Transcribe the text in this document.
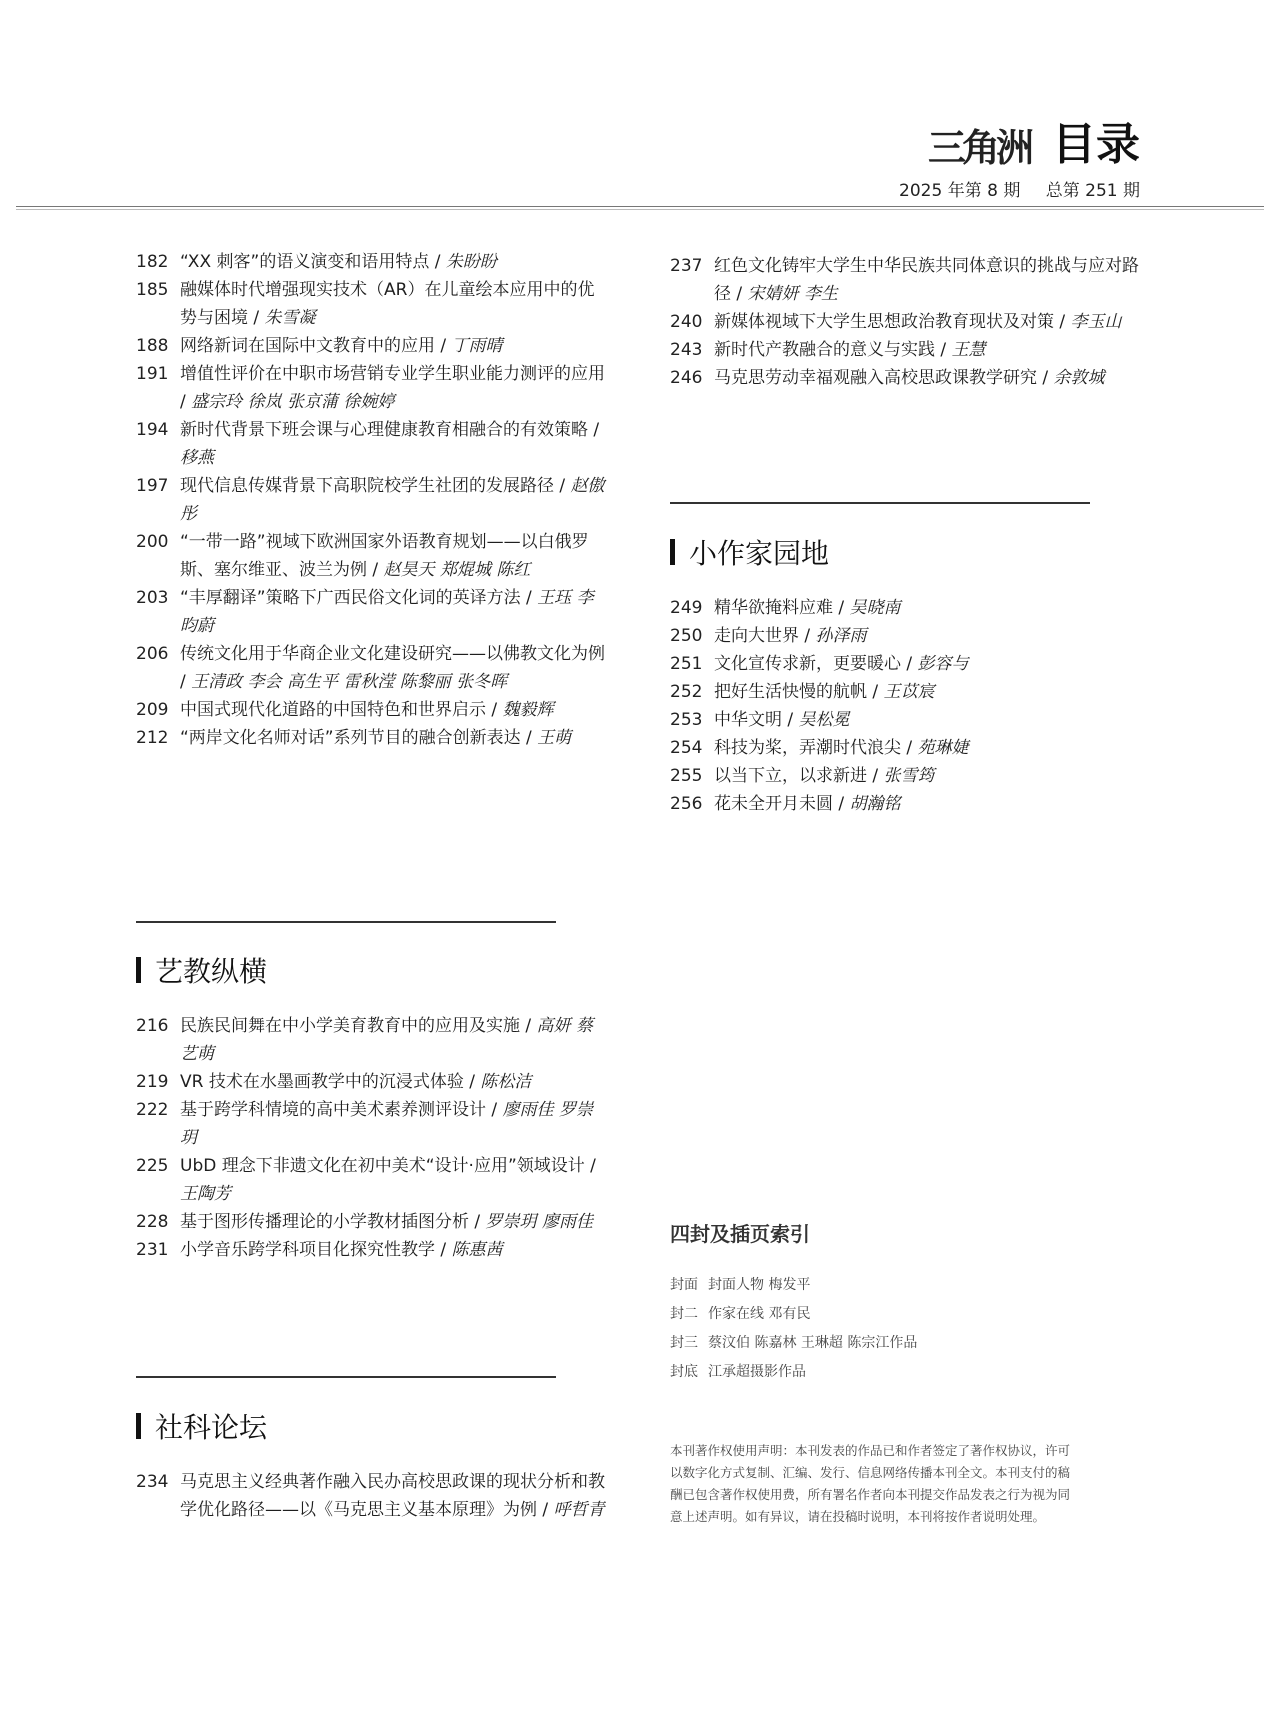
三角洲 目录
2025 年第 8 期 总第 251 期
182 “XX 刺客”的语义演变和语用特点 / 朱盼盼
185 融媒体时代增强现实技术（AR）在儿童绘本应用中的优势与困境 / 朱雪凝
188 网络新词在国际中文教育中的应用 / 丁雨晴
191 增值性评价在中职市场营销专业学生职业能力测评的应用 / 盛宗玲 徐岚 张京蒲 徐婉婷
194 新时代背景下班会课与心理健康教育相融合的有效策略 / 移燕
197 现代信息传媒背景下高职院校学生社团的发展路径 / 赵傲彤
200 “一带一路”视域下欧洲国家外语教育规划——以白俄罗斯、塞尔维亚、波兰为例 / 赵昊天 郑焜城 陈红
203 “丰厚翻译”策略下广西民俗文化词的英译方法 / 王珏 李昀蔚
206 传统文化用于华商企业文化建设研究——以佛教文化为例 / 王清政 李会 高生平 雷秋滢 陈黎丽 张冬晖
209 中国式现代化道路的中国特色和世界启示 / 魏毅辉
212 “两岸文化名师对话”系列节目的融合创新表达 / 王萌
艺教纵横
216 民族民间舞在中小学美育教育中的应用及实施 / 高妍 蔡艺萌
219 VR 技术在水墨画教学中的沉浸式体验 / 陈松洁
222 基于跨学科情境的高中美术素养测评设计 / 廖雨佳 罗崇玥
225 UbD 理念下非遗文化在初中美术“设计·应用”领域设计 / 王陶芳
228 基于图形传播理论的小学教材插图分析 / 罗崇玥 廖雨佳
231 小学音乐跨学科项目化探究性教学 / 陈惠茜
社科论坛
234 马克思主义经典著作融入民办高校思政课的现状分析和教学优化路径——以《马克思主义基本原理》为例 / 呼哲青
237 红色文化铸牢大学生中华民族共同体意识的挑战与应对路径 / 宋婧妍 李生
240 新媒体视域下大学生思想政治教育现状及对策 / 李玉山
243 新时代产教融合的意义与实践 / 王慧
246 马克思劳动幸福观融入高校思政课教学研究 / 余敦城
小作家园地
249 精华欲掩料应难 / 吴晓南
250 走向大世界 / 孙泽雨
251 文化宣传求新，更要暖心 / 彭容与
252 把好生活快慢的航帆 / 王苡宸
253 中华文明 / 吴松冕
254 科技为桨，弄潮时代浪尖 / 苑琳婕
255 以当下立，以求新进 / 张雪筠
256 花未全开月未圆 / 胡瀚铭
四封及插页索引
封面 封面人物 梅发平
封二 作家在线 邓有民
封三 蔡汶伯 陈嘉林 王琳超 陈宗江作品
封底 江承超摄影作品
本刊著作权使用声明：本刊发表的作品已和作者签定了著作权协议，许可以数字化方式复制、汇编、发行、信息网络传播本刊全文。本刊支付的稿酬已包含著作权使用费，所有署名作者向本刊提交作品发表之行为视为同意上述声明。如有异议，请在投稿时说明，本刊将按作者说明处理。
